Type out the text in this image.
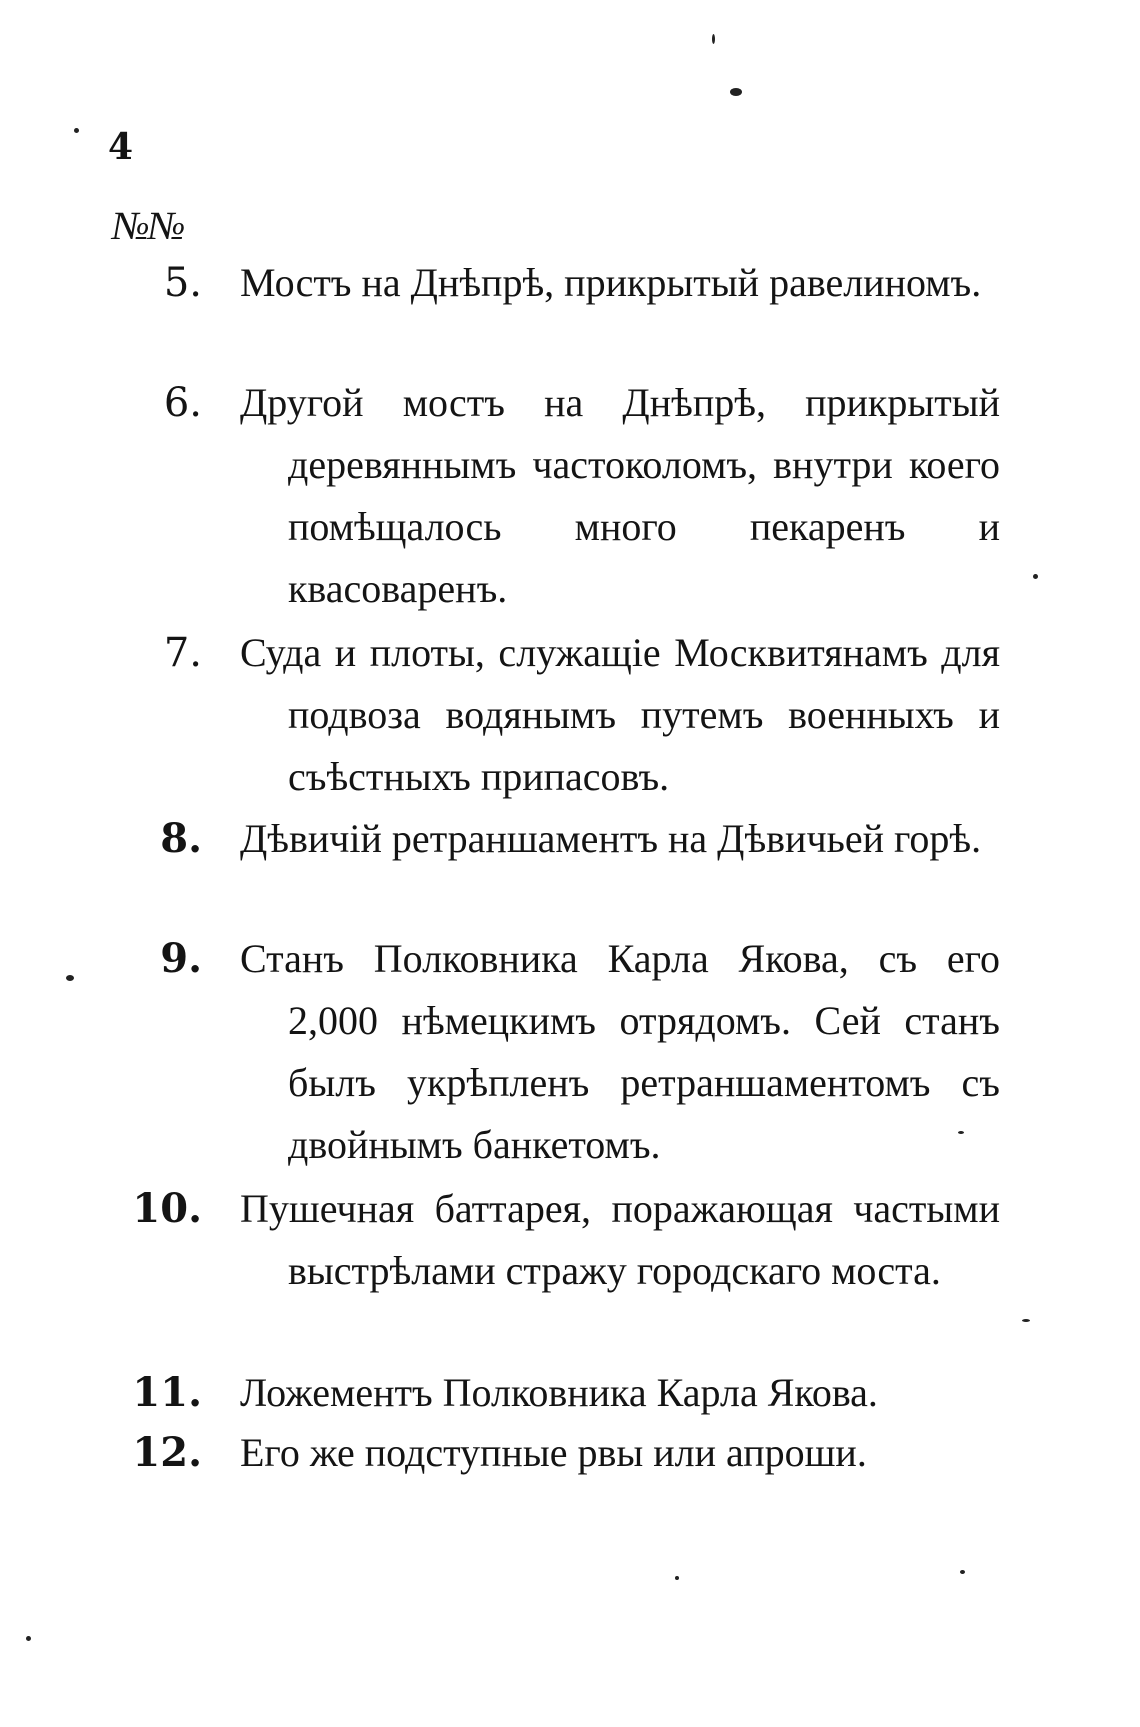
4
№№
5. Мостъ на Днѣпрѣ, прикрытый равелиномъ.
6. Другой мостъ на Днѣпрѣ, прикрытый деревяннымъ частоколомъ, внутри коего помѣщалось много пекаренъ и квасоваренъ.
7. Суда и плоты, служащіе Москвитянамъ для подвоза водянымъ путемъ военныхъ и съѣстныхъ припасовъ.
8. Дѣвичій ретраншаментъ на Дѣвичьей горѣ.
9. Станъ Полковника Карла Якова, съ его 2,000 нѣмецкимъ отрядомъ. Сей станъ былъ укрѣпленъ ретраншаментомъ съ двойнымъ банкетомъ.
10. Пушечная баттарея, поражающая частыми выстрѣлами стражу городскаго моста.
11. Ложементъ Полковника Карла Якова.
12. Его же подступные рвы или апроши.
